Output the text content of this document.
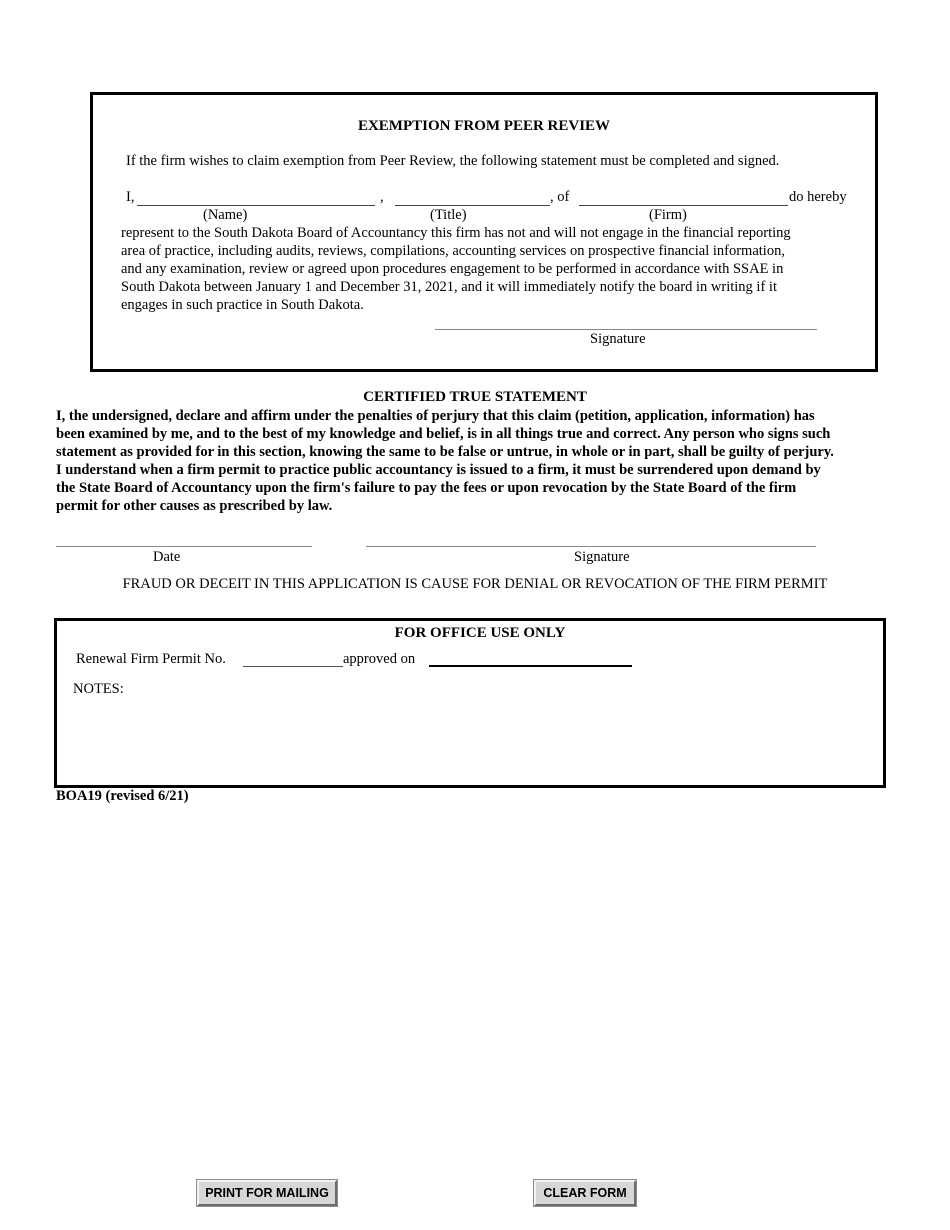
EXEMPTION FROM PEER REVIEW
If the firm wishes to claim exemption from Peer Review, the following statement must be completed and signed.
I,	,	, of	do hereby
(Name)	(Title)	(Firm)
represent to the South Dakota Board of Accountancy this firm has not and will not engage in the financial reporting
area of practice, including audits, reviews, compilations, accounting services on prospective financial information,
and any examination, review or agreed upon procedures engagement to be performed in accordance with SSAE in
South Dakota between January 1 and December 31, 2021, and it will immediately notify the board in writing if it
engages in such practice in South Dakota.
Signature
CERTIFIED TRUE STATEMENT
I, the undersigned, declare and affirm under the penalties of perjury that this claim (petition, application, information) has
been examined by me, and to the best of my knowledge and belief, is in all things true and correct. Any person who signs such
statement as provided for in this section, knowing the same to be false or untrue, in whole or in part, shall be guilty of perjury.
I understand when a firm permit to practice public accountancy is issued to a firm, it must be surrendered upon demand by
the State Board of Accountancy upon the firm's failure to pay the fees or upon revocation by the State Board of the firm
permit for other causes as prescribed by law.
Date	Signature
FRAUD OR DECEIT IN THIS APPLICATION IS CAUSE FOR DENIAL OR REVOCATION OF THE FIRM PERMIT
FOR OFFICE USE ONLY
Renewal Firm Permit No.	approved on
NOTES:
BOA19 (revised 6/21)
PRINT FOR MAILING	CLEAR FORM
